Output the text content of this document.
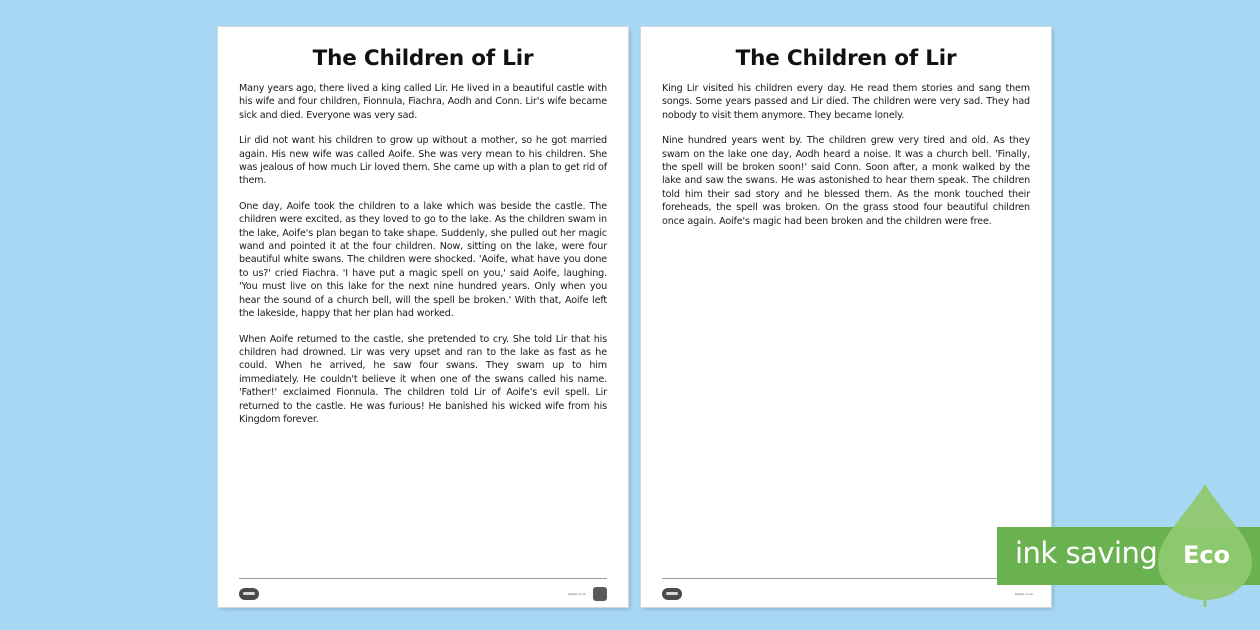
The Children of Lir

Many years ago, there lived a king called Lir. He lived in a beautiful castle with his wife and four children, Fionnula, Fiachra, Aodh and Conn. Lir's wife became sick and died. Everyone was very sad.

Lir did not want his children to grow up without a mother, so he got married again. His new wife was called Aoife. She was very mean to his children. She was jealous of how much Lir loved them. She came up with a plan to get rid of them.

One day, Aoife took the children to a lake which was beside the castle. The children were excited, as they loved to go to the lake. As the children swam in the lake, Aoife's plan began to take shape. Suddenly, she pulled out her magic wand and pointed it at the four children. Now, sitting on the lake, were four beautiful white swans. The children were shocked. 'Aoife, what have you done to us?' cried Fiachra. 'I have put a magic spell on you,' said Aoife, laughing. 'You must live on this lake for the next nine hundred years. Only when you hear the sound of a church bell, will the spell be broken.' With that, Aoife left the lakeside, happy that her plan had worked.

When Aoife returned to the castle, she pretended to cry. She told Lir that his children had drowned. Lir was very upset and ran to the lake as fast as he could. When he arrived, he saw four swans. They swam up to him immediately. He couldn't believe it when one of the swans called his name. 'Father!' exclaimed Fionnula. The children told Lir of Aoife's evil spell. Lir returned to the castle. He was furious! He banished his wicked wife from his Kingdom forever.

twinkl.co.uk
The Children of Lir

King Lir visited his children every day. He read them stories and sang them songs. Some years passed and Lir died. The children were very sad. They had nobody to visit them anymore. They became lonely.

Nine hundred years went by. The children grew very tired and old. As they swam on the lake one day, Aodh heard a noise. It was a church bell. 'Finally, the spell will be broken soon!' said Conn. Soon after, a monk walked by the lake and saw the swans. He was astonished to hear them speak. The children told him their sad story and he blessed them. As the monk touched their foreheads, the spell was broken. On the grass stood four beautiful children once again. Aoife's magic had been broken and the children were free.

twinkl.co.uk
ink saving Eco
